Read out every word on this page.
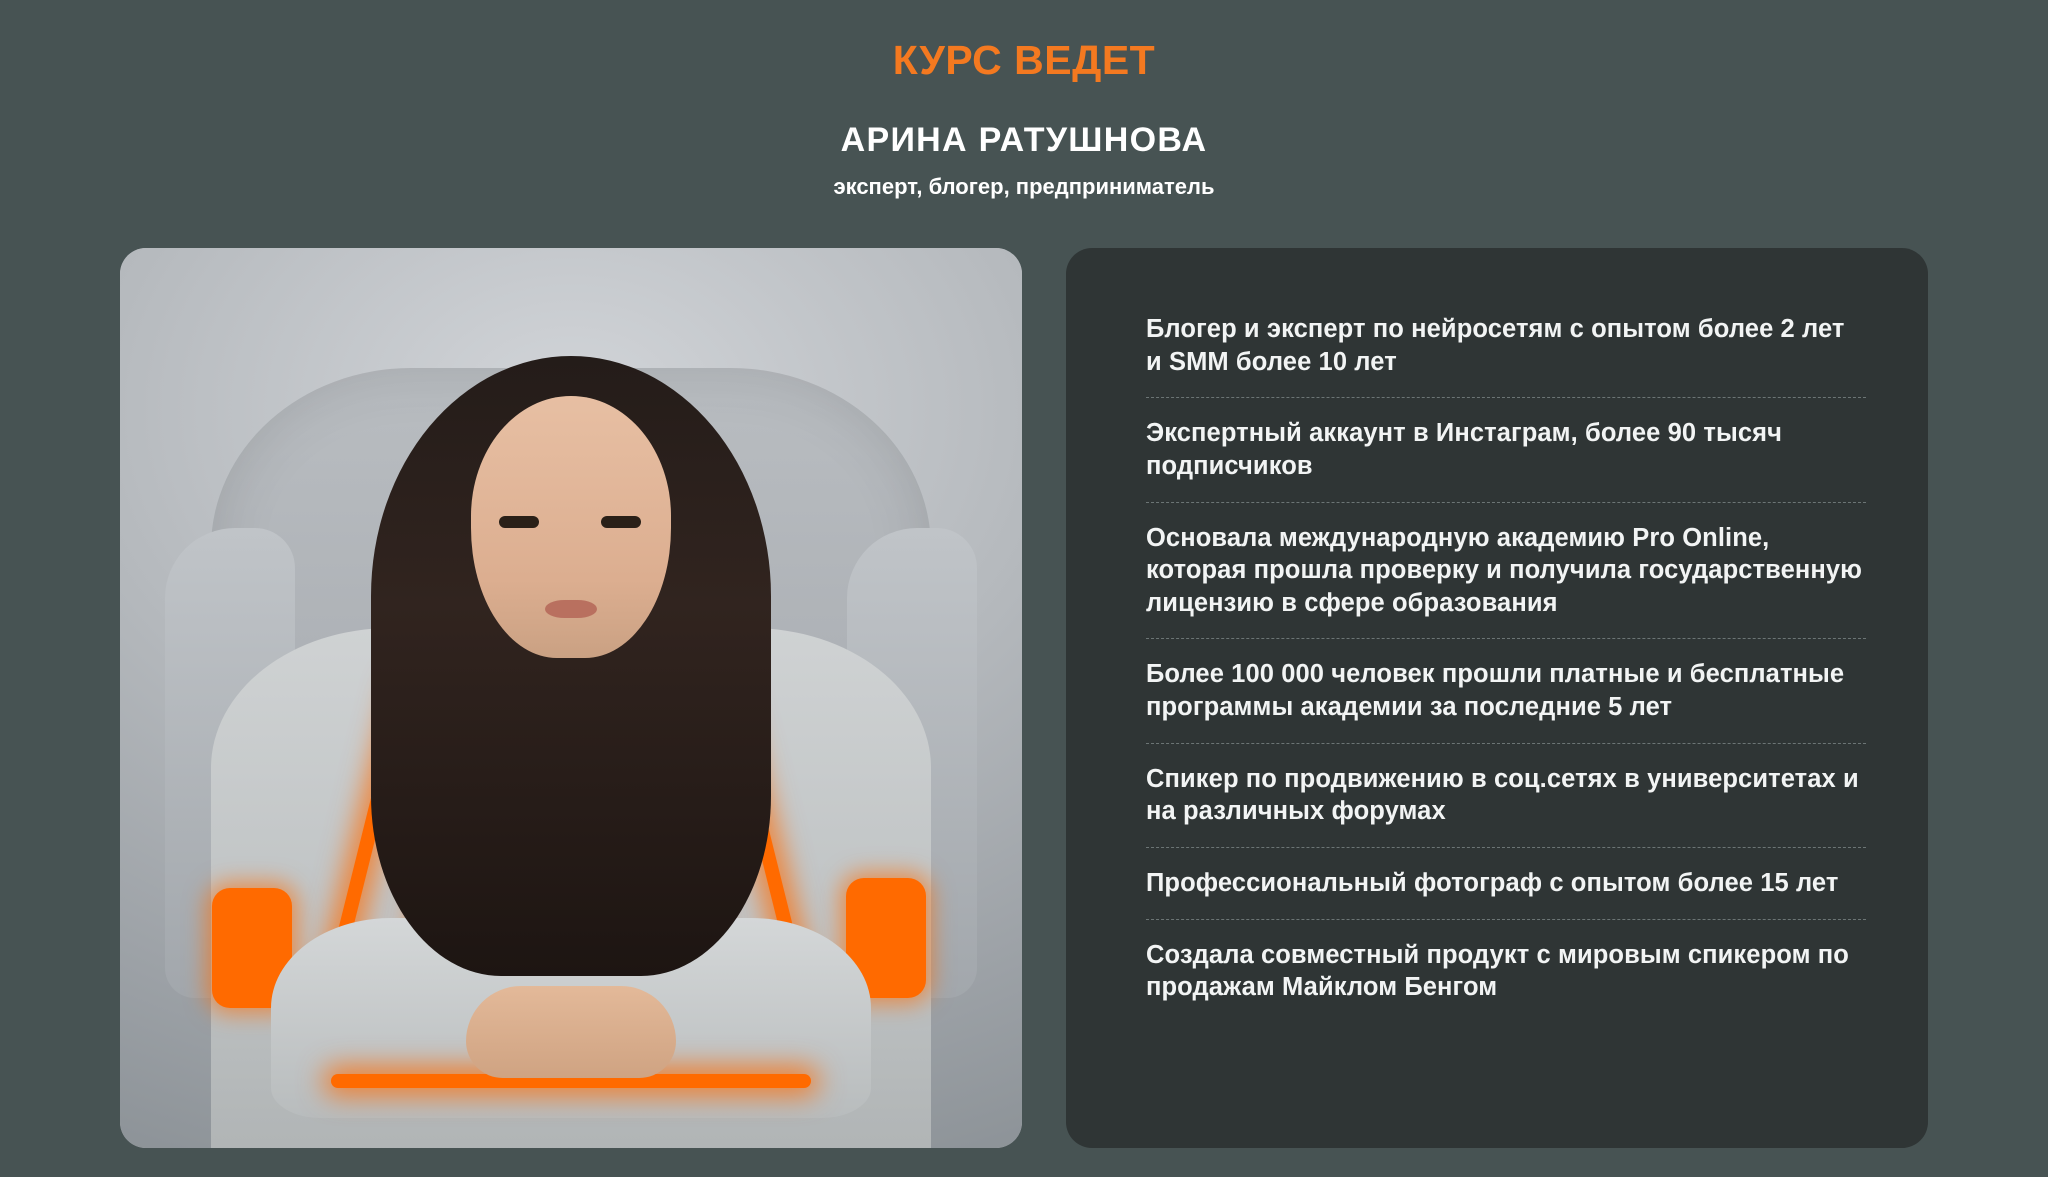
КУРС ВЕДЕТ
АРИНА РАТУШНОВА
эксперт, блогер, предприниматель
Блогер и эксперт по нейросетям с опытом более 2 лет и SMM более 10 лет
Экспертный аккаунт в Инстаграм, более 90 тысяч подписчиков
Основала международную академию Pro Online, которая прошла проверку и получила государственную лицензию в сфере образования
Более 100 000 человек прошли платные и бесплатные программы академии за последние 5 лет
Спикер по продвижению в соц.сетях в университетах и на различных форумах
Профессиональный фотограф с опытом более 15 лет
Создала совместный продукт с мировым спикером по продажам Майклом Бенгом
